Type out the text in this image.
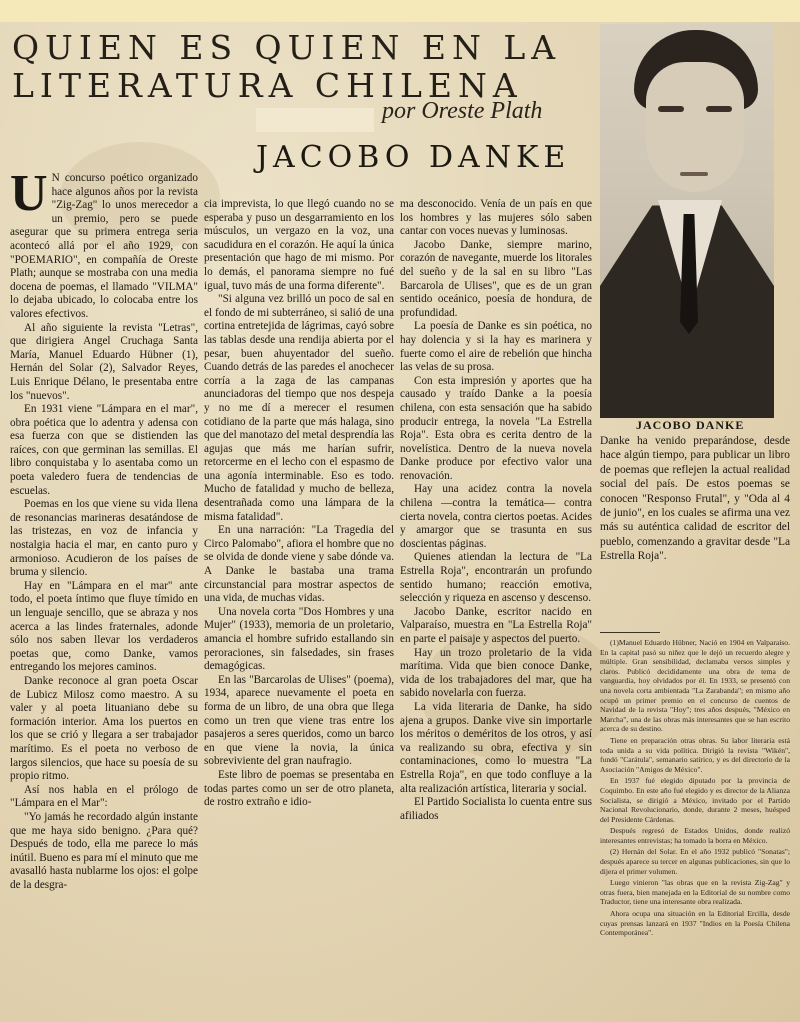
QUIEN ES QUIEN EN LA
LITERATURA CHILENA
por Oreste Plath
JACOBO DANKE
JACOBO DANKE

U N concurso poético organizado hace algunos años por la revista "Zig-Zag" lo unos merecedor a un premio, pero se puede asegurar que su primera entrega seria acontecó allá por el año 1929, con "POEMARIO", en compañía de Oreste Plath; aunque se mostraba con una media docena de poemas, el llamado "VILMA" lo dejaba ubicado, lo colocaba entre los valores efectivos.

Al año siguiente la revista "Letras", que dirigiera Angel Cruchaga Santa María, Manuel Eduardo Hübner (1), Hernán del Solar (2), Salvador Reyes, Luis Enrique Délano, le presentaba entre los "nuevos".

En 1931 viene "Lámpara en el mar", obra poética que lo adentra y adensa con esa fuerza con que se distienden las raíces, con que germinan las semillas. El libro conquistaba y lo asentaba como un poeta valedero fuera de tendencias de escuelas.

Poemas en los que viene su vida llena de resonancias marineras desatándose de las tristezas, en voz de infancia y nostalgia hacia el mar, en canto puro y armonioso. Acudieron de los países de bruma y silencio.

Hay en "Lámpara en el mar" ante todo, el poeta íntimo que fluye tímido en un lenguaje sencillo, que se abraza y nos acerca a las lindes fraternales, adonde sólo nos saben llevar los verdaderos poetas que, como Danke, vamos entregando los mejores caminos.

Danke reconoce al gran poeta Oscar de Lubicz Milosz como maestro. A su valer y al poeta lituaniano debe su formación interior. Ama los puertos en los que se crió y llegara a ser trabajador marítimo. Es el poeta no verboso de largos silencios, que hace su poesía de su propio ritmo.

Así nos habla en el prólogo de "Lámpara en el Mar":

"Yo jamás he recordado algún instante que me haya sido benigno. ¿Para qué? Después de todo, ella me parece lo más inútil. Bueno es para mí el minuto que me avasalló hasta nublarme los ojos: el golpe de la desgra-

cia imprevista, lo que llegó cuando no se esperaba y puso un desgarramiento en los músculos, un vergazo en la voz, una sacudidura en el corazón. He aquí la única presentación que hago de mi mismo. Por lo demás, el panorama siempre no fué igual, tuvo más de una forma diferente".

"Si alguna vez brilló un poco de sal en el fondo de mi subterráneo, si salió de una cortina entretejida de lágrimas, cayó sobre las tablas desde una rendija abierta por el pesar, buen ahuyentador del sueño. Cuando detrás de las paredes el anochecer corría a la zaga de las campanas anunciadoras del tiempo que nos despeja y no me dí a merecer el resumen cotidiano de la parte que más halaga, sino que del manotazo del metal desprendía las agujas que más me harían sufrir, retorcerme en el lecho con el espasmo de una agonía interminable. Eso es todo. Mucho de fatalidad y mucho de belleza, desentrañada como una lámpara de la misma fatalidad".

En una narración: "La Tragedia del Circo Palomabo", afiora el hombre que no se olvida de donde viene y sabe dónde va. A Danke le bastaba una trama circunstancial para mostrar aspectos de una vida, de muchas vidas.

Una novela corta "Dos Hombres y una Mujer" (1933), memoria de un proletario, amancia el hombre sufrido estallando sin peroraciones, sin falsedades, sin frases demagógicas.

En las "Barcarolas de Ulises" (poema), 1934, aparece nuevamente el poeta en forma de un libro, de una obra que llega como un tren que viene tras entre los pasajeros a seres queridos, como un barco en que viene la novia, la única sobreviviente del gran naufragio.

Este libro de poemas se presentaba en todas partes como un ser de otro planeta, de rostro extraño e idio-

ma desconocido. Venía de un país en que los hombres y las mujeres sólo saben cantar con voces nuevas y luminosas.

Jacobo Danke, siempre marino, corazón de navegante, muerde los litorales del sueño y de la sal en su libro "Las Barcarola de Ulises", que es de un gran sentido oceánico, poesía de hondura, de profundidad.

La poesía de Danke es sin poética, no hay dolencia y si la hay es marinera y fuerte como el aire de rebelión que hincha las velas de su prosa.

Con esta impresión y aportes que ha causado y traído Danke a la poesía chilena, con esta sensación que ha sabido producir entrega, la novela "La Estrella Roja". Esta obra es cerita dentro de la novelística. Dentro de la nueva novela Danke produce por efectivo valor una renovación.

Hay una acidez contra la novela chilena —contra la temática— contra cierta novela, contra ciertos poetas. Acides y amargor que se trasunta en sus doscientas páginas.

Quienes atiendan la lectura de "La Estrella Roja", encontrarán un profundo sentido humano; reacción emotiva, selección y riqueza en ascenso y descenso.

Jacobo Danke, escritor nacido en Valparaíso, muestra en "La Estrella Roja" en parte el paisaje y aspectos del puerto.

Hay un trozo proletario de la vida marítima. Vida que bien conoce Danke, vida de los trabajadores del mar, que ha sabido novelarla con fuerza.

La vida literaria de Danke, ha sido ajena a grupos. Danke vive sin importarle los méritos o deméritos de los otros, y así va realizando su obra, efectiva y sin contaminaciones, como lo muestra "La Estrella Roja", en que todo confluye a la alta realización artística, literaria y social.

El Partido Socialista lo cuenta entre sus afiliados

Danke ha venido preparándose, desde hace algún tiempo, para publicar un libro de poemas que reflejen la actual realidad social del país. De estos poemas se conocen "Responso Frutal", y "Oda al 4 de junio", en los cuales se afirma una vez más su auténtica calidad de escritor del pueblo, comenzando a gravitar desde "La Estrella Roja".

(1)Manuel Eduardo Hübner, Nació en 1904 en Valparaíso. En la capital pasó su niñez que le dejó un recuerdo alegre y múltiple. Gran sensibilidad, declamaba versos simples y claros. Publicó decididamente una obra de tema de vanguardia, hoy olvidados por él. En 1933, se presentó con una novela corta ambientada "La Zarabanda"; en mismo año ocupó un primer premio en el concurso de cuentos de Navidad de la revista "Hoy"; tres años después, "México en Marcha", una de las obras más interesantes que se han escrito acerca de su destino.

Tiene en preparación otras obras. Su labor literaria está toda unida a su vida política. Dirigió la revista "Wikén", fundó "Carátula", semanario satírico, y es del directorio de la Asociación "Amigos de México".

En 1937 fué elegido diputado por la provincia de Coquimbo. En este año fué elegido y es director de la Alianza Socialista, se dirigió a México, invitado por el Partido Nacional Revolucionario, donde, durante 2 meses, huésped del Presidente Cárdenas.

Después regresó de Estados Unidos, donde realizó interesantes entrevistas; ha tomado la borra en México.

(2) Hernán del Solar. En el año 1932 publicó "Sonatas"; después aparece su tercer en algunas publicaciones, sin que lo dijera el primer volumen.

Luego vinieron "las obras que en la revista Zig-Zag" y otras fuera, bien manejada en la Editorial de su nombre como Traductor, tiene una interesante obra realizada.

Ahora ocupa una situación en la Editorial Ercilla, desde cuyas prensas lanzará en 1937 "Indios en la Poesía Chilena Contemporánea".
